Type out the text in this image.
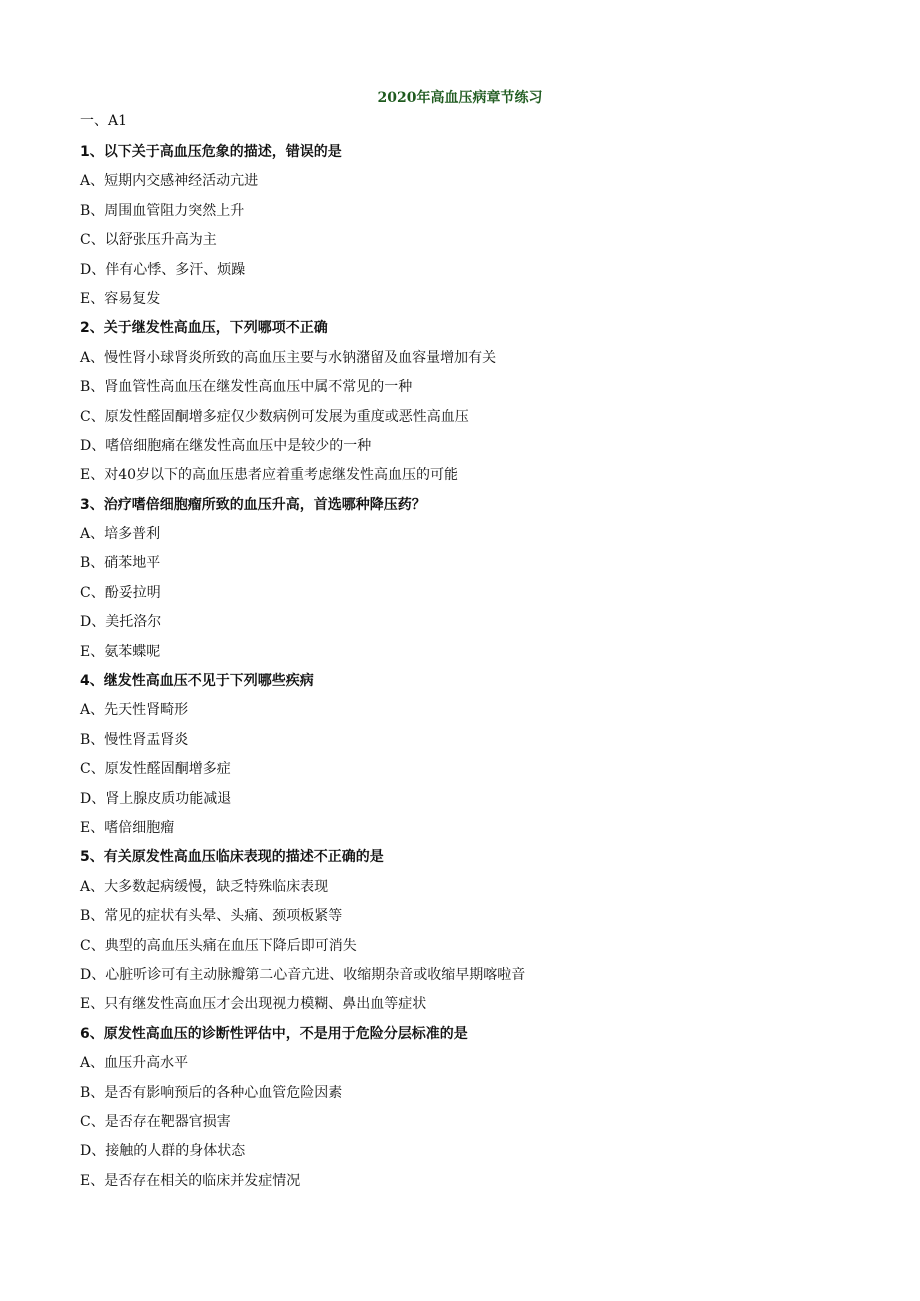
2020年高血压病章节练习
一、A1
1、以下关于高血压危象的描述，错误的是
A、短期内交感神经活动亢进
B、周围血管阻力突然上升
C、以舒张压升高为主
D、伴有心悸、多汗、烦躁
E、容易复发
2、关于继发性高血压，下列哪项不正确
A、慢性肾小球肾炎所致的高血压主要与水钠潴留及血容量增加有关
B、肾血管性高血压在继发性高血压中属不常见的一种
C、原发性醛固酮增多症仅少数病例可发展为重度或恶性高血压
D、嗜倍细胞痛在继发性高血压中是较少的一种
E、对40岁以下的高血压患者应着重考虑继发性高血压的可能
3、治疗嗜倍细胞瘤所致的血压升高，首选哪种降压药？
A、培多普利
B、硝苯地平
C、酚妥拉明
D、美托洛尔
E、氨苯蝶呢
4、继发性高血压不见于下列哪些疾病
A、先天性肾畸形
B、慢性肾盂肾炎
C、原发性醛固酮增多症
D、肾上腺皮质功能减退
E、嗜倍细胞瘤
5、有关原发性高血压临床表现的描述不正确的是
A、大多数起病缓慢，缺乏特殊临床表现
B、常见的症状有头晕、头痛、颈项板紧等
C、典型的高血压头痛在血压下降后即可消失
D、心脏听诊可有主动脉瓣第二心音亢进、收缩期杂音或收缩早期喀啦音
E、只有继发性高血压才会出现视力模糊、鼻出血等症状
6、原发性高血压的诊断性评估中，不是用于危险分层标准的是
A、血压升高水平
B、是否有影响预后的各种心血管危险因素
C、是否存在靶器官损害
D、接触的人群的身体状态
E、是否存在相关的临床并发症情况
